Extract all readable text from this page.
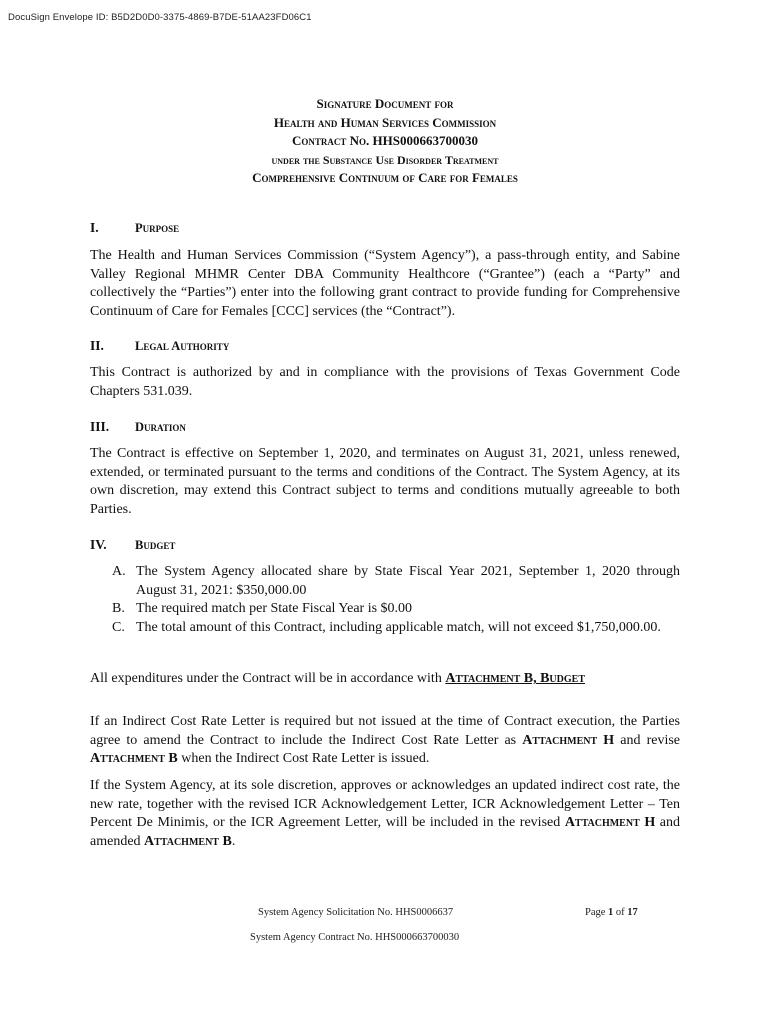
DocuSign Envelope ID: B5D2D0D0-3375-4869-B7DE-51AA23FD06C1
Signature Document for
Health and Human Services Commission
Contract No. HHS000663700030
under the Substance Use Disorder Treatment
Comprehensive Continuum of Care for Females
I.	Purpose
The Health and Human Services Commission (“System Agency”), a pass-through entity, and Sabine Valley Regional MHMR Center DBA Community Healthcore (“Grantee”) (each a “Party” and collectively the “Parties”) enter into the following grant contract to provide funding for Comprehensive Continuum of Care for Females [CCC] services (the “Contract”).
II. Legal Authority
This Contract is authorized by and in compliance with the provisions of Texas Government Code Chapters 531.039.
III. Duration
The Contract is effective on September 1, 2020, and terminates on August 31, 2021, unless renewed, extended, or terminated pursuant to the terms and conditions of the Contract. The System Agency, at its own discretion, may extend this Contract subject to terms and conditions mutually agreeable to both Parties.
IV. Budget
A. The System Agency allocated share by State Fiscal Year 2021, September 1, 2020 through August 31, 2021: $350,000.00
B. The required match per State Fiscal Year is $0.00
C. The total amount of this Contract, including applicable match, will not exceed $1,750,000.00.
All expenditures under the Contract will be in accordance with Attachment B, Budget
If an Indirect Cost Rate Letter is required but not issued at the time of Contract execution, the Parties agree to amend the Contract to include the Indirect Cost Rate Letter as Attachment H and revise Attachment B when the Indirect Cost Rate Letter is issued.
If the System Agency, at its sole discretion, approves or acknowledges an updated indirect cost rate, the new rate, together with the revised ICR Acknowledgement Letter, ICR Acknowledgement Letter – Ten Percent De Minimis, or the ICR Agreement Letter, will be included in the revised Attachment H and amended Attachment B.
System Agency Solicitation No. HHS0006637	Page 1 of 17
System Agency Contract No. HHS000663700030
